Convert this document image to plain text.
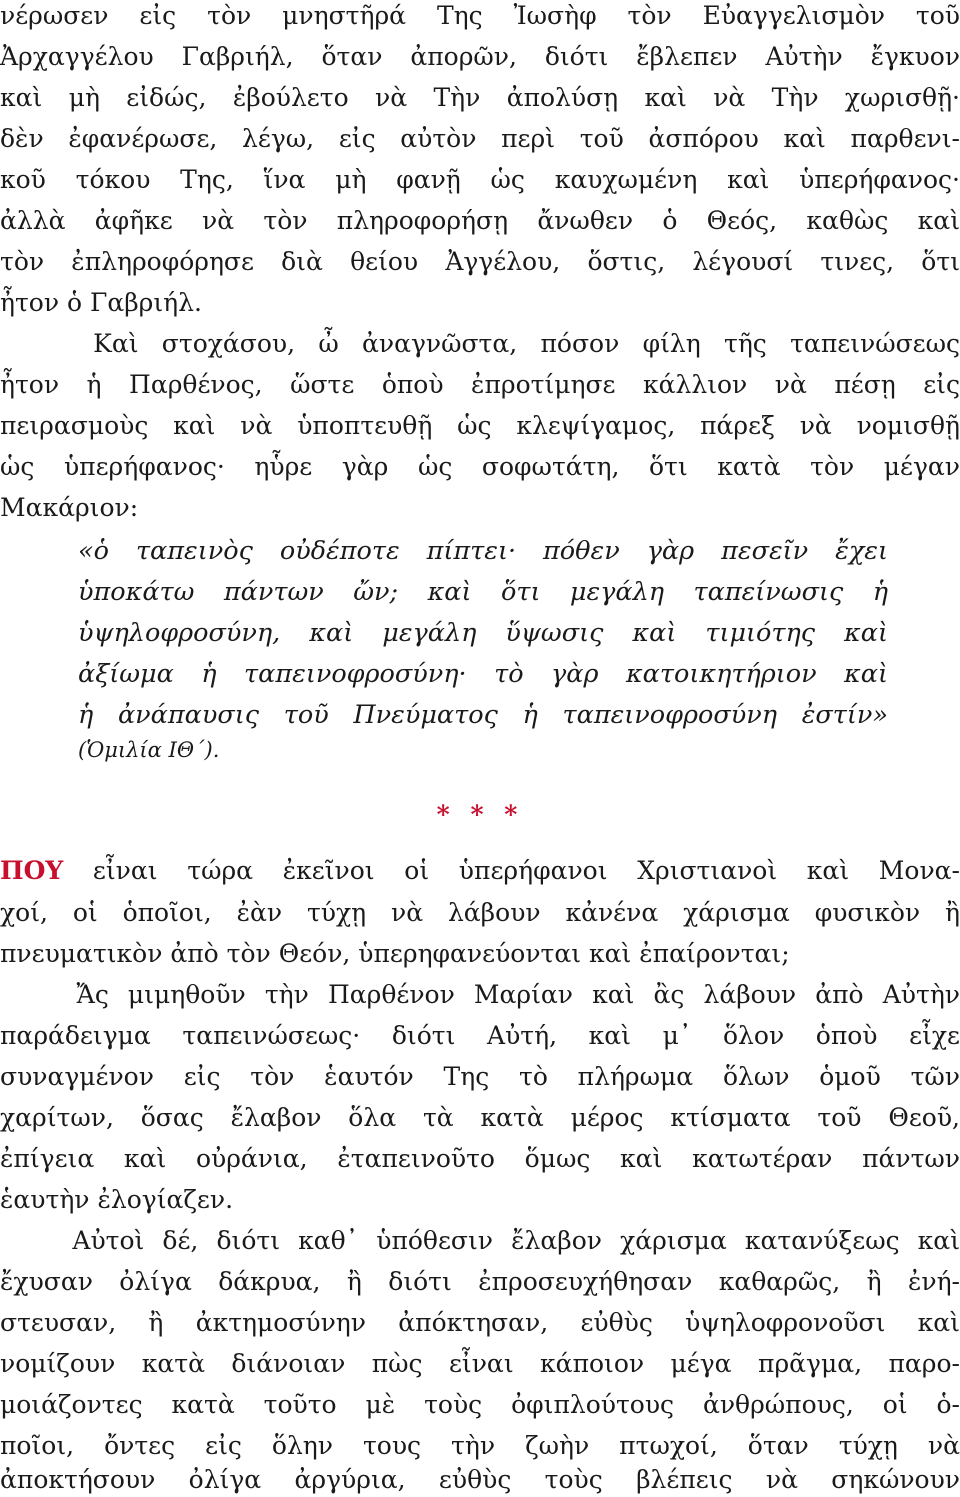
νέρωσεν εἰς τὸν μνηστῆρά Της Ἰωσὴφ τὸν Εὐαγγελισμὸν τοῦ
Ἀρχαγγέλου Γαβριήλ, ὅταν ἀπορῶν, διότι ἔβλεπεν Αὐτὴν ἔγκυον
καὶ μὴ εἰδώς, ἐβούλετο νὰ Τὴν ἀπολύσῃ καὶ νὰ Τὴν χωρισθῇ·
δὲν ἐφανέρωσε, λέγω, εἰς αὐτὸν περὶ τοῦ ἀσπόρου καὶ παρθενι-
κοῦ τόκου Της, ἵνα μὴ φανῇ ὡς καυχωμένη καὶ ὑπερήφανος·
ἀλλὰ ἀφῆκε νὰ τὸν πληροφορήσῃ ἄνωθεν ὁ Θεός, καθὼς καὶ
τὸν ἐπληροφόρησε διὰ θείου Ἀγγέλου, ὅστις, λέγουσί τινες, ὅτι
ἦτον ὁ Γαβριήλ.
Καὶ στοχάσου, ὦ ἀναγνῶστα, πόσον φίλη τῆς ταπεινώσεως
ἦτον ἡ Παρθένος, ὥστε ὁποὺ ἐπροτίμησε κάλλιον νὰ πέσῃ εἰς
πειρασμοὺς καὶ νὰ ὑποπτευθῇ ὡς κλεψίγαμος, πάρεξ νὰ νομισθῇ
ὡς ὑπερήφανος· ηὗρε γὰρ ὡς σοφωτάτη, ὅτι κατὰ τὸν μέγαν
Μακάριον:
«ὁ ταπεινὸς οὐδέποτε πίπτει· πόθεν γὰρ πεσεῖν ἔχει
ὑποκάτω πάντων ὤν; καὶ ὅτι μεγάλη ταπείνωσις ἡ
ὑψηλοφροσύνη, καὶ μεγάλη ὕψωσις καὶ τιμιότης καὶ
ἀξίωμα ἡ ταπεινοφροσύνη· τὸ γὰρ κατοικητήριον καὶ
ἡ ἀνάπαυσις τοῦ Πνεύματος ἡ ταπεινοφροσύνη ἐστίν»
(Ὁμιλία ΙΘ΄).
* * *
ΠΟΥ εἶναι τώρα ἐκεῖνοι οἱ ὑπερήφανοι Χριστιανοὶ καὶ Μονα-
χοί, οἱ ὁποῖοι, ἐὰν τύχῃ νὰ λάβουν κἀνένα χάρισμα φυσικὸν ἢ
πνευματικὸν ἀπὸ τὸν Θεόν, ὑπερηφανεύονται καὶ ἐπαίρονται;
Ἄς μιμηθοῦν τὴν Παρθένον Μαρίαν καὶ ἂς λάβουν ἀπὸ Αὐτὴν
παράδειγμα ταπεινώσεως· διότι Αὐτή, καὶ μ᾽ ὅλον ὁποὺ εἶχε
συναγμένον εἰς τὸν ἑαυτόν Της τὸ πλήρωμα ὅλων ὁμοῦ τῶν
χαρίτων, ὅσας ἔλαβον ὅλα τὰ κατὰ μέρος κτίσματα τοῦ Θεοῦ,
ἐπίγεια καὶ οὐράνια, ἐταπεινοῦτο ὅμως καὶ κατωτέραν πάντων
ἑαυτὴν ἐλογίαζεν.
Αὐτοὶ δέ, διότι καθ᾽ ὑπόθεσιν ἔλαβον χάρισμα κατανύξεως καὶ
ἔχυσαν ὀλίγα δάκρυα, ἢ διότι ἐπροσευχήθησαν καθαρῶς, ἢ ἐνή-
στευσαν, ἢ ἀκτημοσύνην ἀπόκτησαν, εὐθὺς ὑψηλοφρονοῦσι καὶ
νομίζουν κατὰ διάνοιαν πὼς εἶναι κάποιον μέγα πρᾶγμα, παρο-
μοιάζοντες κατὰ τοῦτο μὲ τοὺς ὀφιπλούτους ἀνθρώπους, οἱ ὁ-
ποῖοι, ὄντες εἰς ὅλην τους τὴν ζωὴν πτωχοί, ὅταν τύχῃ νὰ
ἀποκτήσουν ὀλίγα ἀργύρια, εὐθὺς τοὺς βλέπεις νὰ σηκώνουν
